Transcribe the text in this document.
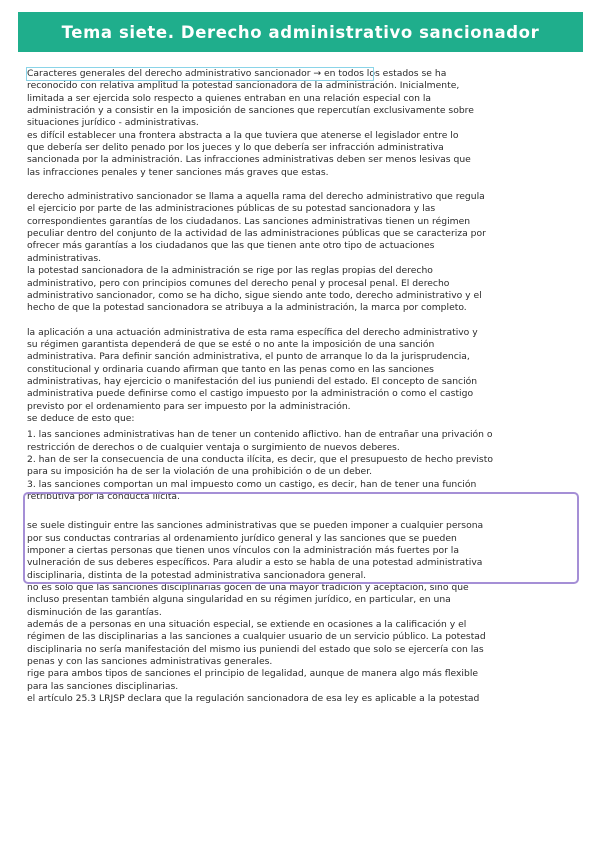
Tema siete. Derecho administrativo sancionador
Caracteres generales del derecho administrativo sancionador → en todos los estados se ha
reconocido con relativa amplitud la potestad sancionadora de la administración. Inicialmente,
limitada a ser ejercida solo respecto a quienes entraban en una relación especial con la
administración y a consistir en la imposición de sanciones que repercutían exclusivamente sobre
situaciones jurídico - administrativas.
es difícil establecer una frontera abstracta a la que tuviera que atenerse el legislador entre lo
que debería ser delito penado por los jueces y lo que debería ser infracción administrativa
sancionada por la administración. Las infracciones administrativas deben ser menos lesivas que
las infracciones penales y tener sanciones más graves que estas.
derecho administrativo sancionador se llama a aquella rama del derecho administrativo que regula
el ejercicio por parte de las administraciones públicas de su potestad sancionadora y las
correspondientes garantías de los ciudadanos. Las sanciones administrativas tienen un régimen
peculiar dentro del conjunto de la actividad de las administraciones públicas que se caracteriza por
ofrecer más garantías a los ciudadanos que las que tienen ante otro tipo de actuaciones
administrativas.
la potestad sancionadora de la administración se rige por las reglas propias del derecho
administrativo, pero con principios comunes del derecho penal y procesal penal. El derecho
administrativo sancionador, como se ha dicho, sigue siendo ante todo, derecho administrativo y el
hecho de que la potestad sancionadora se atribuya a la administración, la marca por completo.
la aplicación a una actuación administrativa de esta rama específica del derecho administrativo y
su régimen garantista dependerá de que se esté o no ante la imposición de una sanción
administrativa. Para definir sanción administrativa, el punto de arranque lo da la jurisprudencia,
constitucional y ordinaria cuando afirman que tanto en las penas como en las sanciones
administrativas, hay ejercicio o manifestación del ius puniendi del estado. El concepto de sanción
administrativa puede definirse como el castigo impuesto por la administración o como el castigo
previsto por el ordenamiento para ser impuesto por la administración.
se deduce de esto que:
1. las sanciones administrativas han de tener un contenido aflictivo. han de entrañar una privación o
restricción de derechos o de cualquier ventaja o surgimiento de nuevos deberes.
2. han de ser la consecuencia de una conducta ilícita, es decir, que el presupuesto de hecho previsto
para su imposición ha de ser la violación de una prohibición o de un deber.
3. las sanciones comportan un mal impuesto como un castigo, es decir, han de tener una función
retributiva por la conducta ilícita.
se suele distinguir entre las sanciones administrativas que se pueden imponer a cualquier persona
por sus conductas contrarias al ordenamiento jurídico general y las sanciones que se pueden
imponer a ciertas personas que tienen unos vínculos con la administración más fuertes por la
vulneración de sus deberes específicos. Para aludir a esto se habla de una potestad administrativa
disciplinaria, distinta de la potestad administrativa sancionadora general.
no es solo que las sanciones disciplinarias gocen de una mayor tradición y aceptación, sino que
incluso presentan también alguna singularidad en su régimen jurídico, en particular, en una
disminución de las garantías.
además de a personas en una situación especial, se extiende en ocasiones a la calificación y el
régimen de las disciplinarias a las sanciones a cualquier usuario de un servicio público. La potestad
disciplinaria no sería manifestación del mismo ius puniendi del estado que solo se ejercería con las
penas y con las sanciones administrativas generales.
rige para ambos tipos de sanciones el principio de legalidad, aunque de manera algo más flexible
para las sanciones disciplinarias.
el artículo 25.3 LRJSP declara que la regulación sancionadora de esa ley es aplicable a la potestad
